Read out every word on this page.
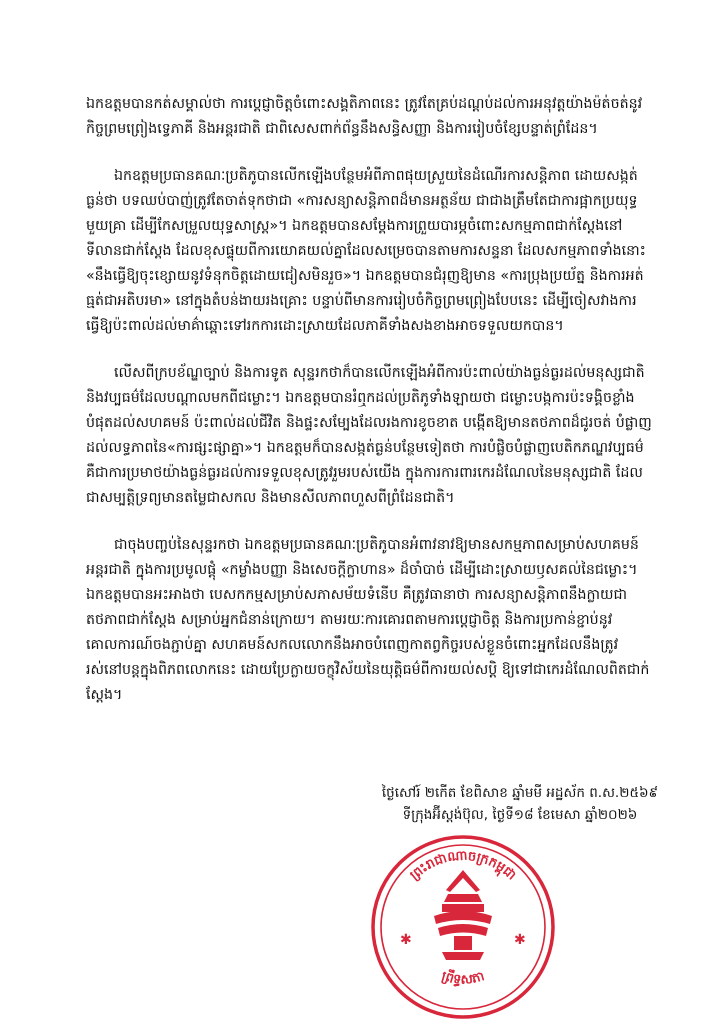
ឯកឧត្តមបានកត់សម្គាល់ថា ការប្ដេជ្ញាចិត្តចំពោះសង្គតិភាពនេះ ត្រូវតែគ្រប់ដណ្ដប់ដល់ការអនុវត្តយ៉ាងម៉ត់ចត់នូវកិច្ចព្រមព្រៀងទ្វេភាគី និងអន្តរជាតិ ជាពិសេសពាក់ព័ន្ធនឹងសន្ធិសញ្ញា និងការរៀបចំខ្សែបន្ទាត់ព្រំដែន។

ឯកឧត្តមប្រធានគណៈប្រតិភូបានលើកឡើងបន្ថែមអំពីភាពផុយស្រួយនៃដំណើរការសន្តិភាព ដោយសង្កត់ធ្ងន់ថា បទឈប់បាញ់ត្រូវតែចាត់ទុកថាជា «ការសន្យាសន្តិភាពដ៏មានអត្ថន័យ ជាជាងត្រឹមតែជាការផ្អាកប្រយុទ្ធមួយគ្រា ដើម្បីកែសម្រួលយុទ្ធសាស្ត្រ»។ ឯកឧត្តមបានសម្ដែងការព្រួយបារម្ភចំពោះសកម្មភាពជាក់ស្ដែងនៅទីលានជាក់ស្ដែង ដែលខុសផ្ទុយពីការយោគយល់គ្នាដែលសម្រេចបានតាមការសន្ទនា ដែលសកម្មភាពទាំងនោះ «នឹងធ្វើឱ្យចុះខ្សោយនូវទំនុកចិត្តដោយជៀសមិនរួច»។ ឯកឧត្តមបានជំរុញឱ្យមាន «ការប្រុងប្រយ័ត្ន និងការអត់ធ្មត់ជាអតិបរមា» នៅក្នុងតំបន់ងាយរងគ្រោះ បន្ទាប់ពីមានការរៀបចំកិច្ចព្រមព្រៀងបែបនេះ ដើម្បីចៀសវាងការធ្វើឱ្យប៉ះពាល់ដល់មាគ៌ាឆ្ពោះទៅរកការដោះស្រាយដែលភាគីទាំងសងខាងអាចទទួលយកបាន។

លើសពីក្របខ័ណ្ឌច្បាប់ និងការទូត សុន្ទរកថាក៏បានលើកឡើងអំពីការប៉ះពាល់យ៉ាងធ្ងន់ធ្ងរដល់មនុស្សជាតិ និងវប្បធម៌ដែលបណ្ដាលមកពីជម្លោះ។ ឯកឧត្តមបានរំឮកដល់ប្រតិភូទាំងឡាយថា ជម្លោះបង្កការប៉ះទង្គិចខ្លាំងបំផុតដល់សហគមន៍ ប៉ះពាល់ដល់ជីវិត និងផ្ទះសម្បែងដែលរងការខូចខាត បង្កើតឱ្យមានតថភាពដ៏ជូរចត់ បំផ្លាញដល់លទ្ធភាពនៃ«ការផ្សះផ្សាគ្នា»។ ឯកឧត្តមក៏បានសង្កត់ធ្ងន់បន្ថែមទៀតថា ការបំផ្លិចបំផ្លាញបេតិកភណ្ឌវប្បធម៌ គឺជាការប្រមាថយ៉ាងធ្ងន់ធ្ងរដល់ការទទួលខុសត្រូវរួមរបស់យើង ក្នុងការការពារកេរដំណែលនៃមនុស្សជាតិ ដែលជាសម្បត្តិទ្រព្យមានតម្លៃជាសកល និងមានសីលភាពហួសពីព្រំដែនជាតិ។

ជាចុងបញ្ចប់នៃសុន្ទរកថា ឯកឧត្តមប្រធានគណៈប្រតិភូបានអំពាវនាវឱ្យមានសកម្មភាពសម្រាប់សហគមន៍អន្តរជាតិ ក្នុងការប្រមូលផ្ដុំ «កម្លាំងបញ្ញា និងសេចក្ដីក្លាហាន» ដ៏ចាំបាច់ ដើម្បីដោះស្រាយឫសគល់នៃជម្លោះ។ ឯកឧត្តមបានអះអាងថា បេសកកម្មសម្រាប់សភាសម័យទំនើប គឺត្រូវធានាថា ការសន្យាសន្តិភាពនឹងក្លាយជាតថភាពជាក់ស្ដែង សម្រាប់អ្នកជំនាន់ក្រោយ។ តាមរយៈការគោរពតាមការប្ដេជ្ញាចិត្ត និងការប្រកាន់ខ្ជាប់នូវគោលការណ៍ចងភ្ជាប់គ្នា សហគមន៍សកលលោកនឹងអាចបំពេញកាតព្វកិច្ចរបស់ខ្លួនចំពោះអ្នកដែលនឹងត្រូវរស់នៅបន្តក្នុងពិភពលោកនេះ ដោយប្រែក្លាយចក្ខុវិស័យនៃយុត្តិធម៌ពីការយល់សប្តិ ឱ្យទៅជាកេរដំណែលពិតជាក់ស្ដែង។

ថ្ងៃសៅរ៍ ២កើត ខែពិសាខ ឆ្នាំមមី អដ្ឋស័ក ព.ស.២៥៦៩

ទីក្រុងអ៊ីស្តង់ប៊ុល, ថ្ងៃទី១៨ ខែមេសា ឆ្នាំ២០២៦

ព្រះរាជាណាចក្រកម្ពុជា
ព្រឹទ្ធសភា
✱	✱
